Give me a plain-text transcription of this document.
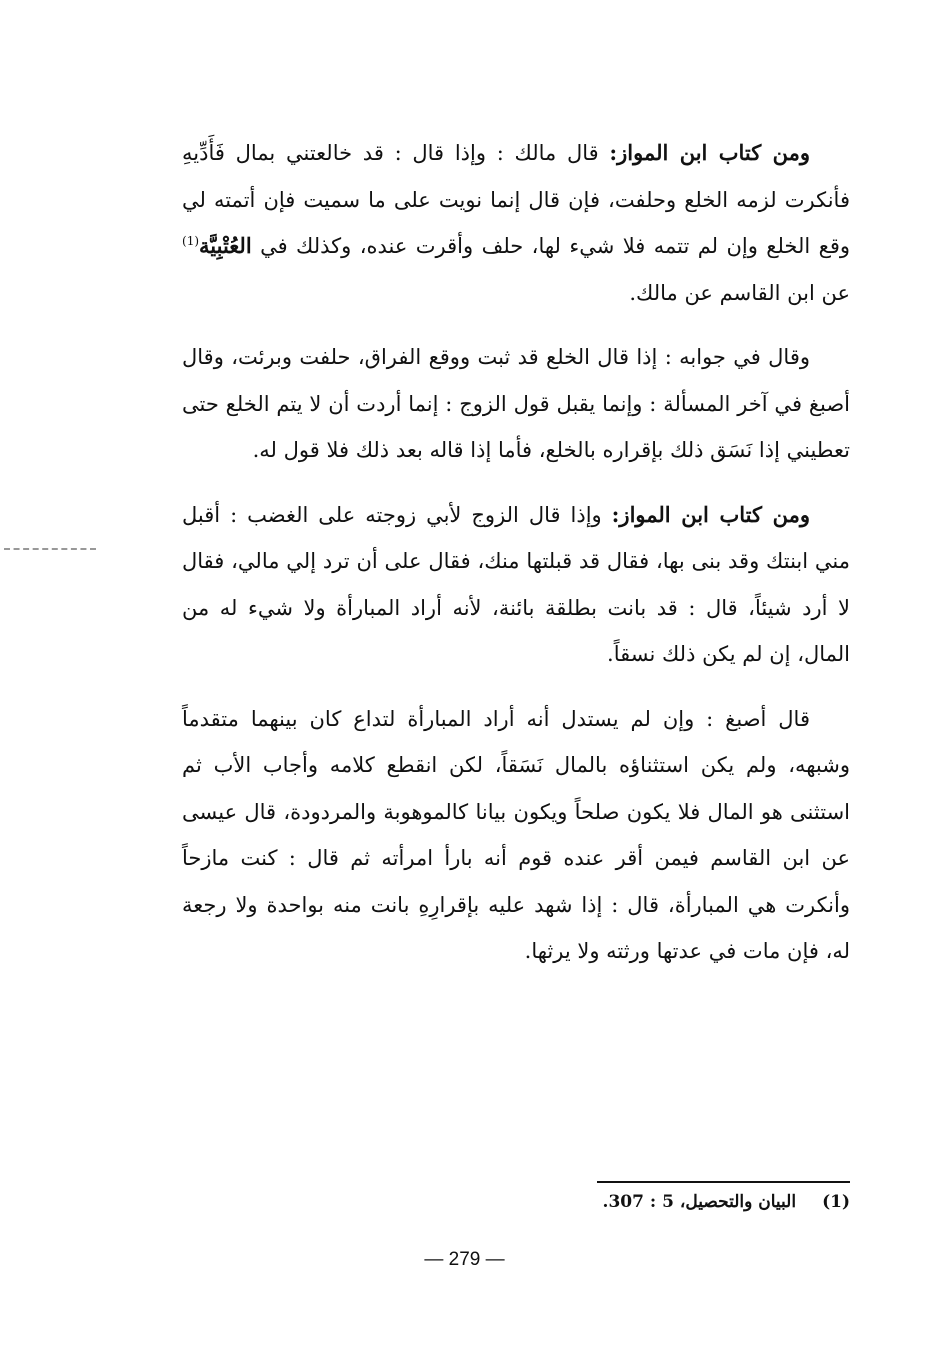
ومن كتاب ابن المواز: قال مالك : وإذا قال : قد خالعتني بمال فَأَدِّيهِ فأنكرت لزمه الخلع وحلفت، فإن قال إنما نويت على ما سميت فإن أتمته لي وقع الخلع وإن لم تتمه فلا شيء لها، حلف وأقرت عنده، وكذلك في العُتْبِيَّة$^{(1)}$ عن ابن القاسم عن مالك.

وقال في جوابه : إذا قال الخلع قد ثبت ووقع الفراق، حلفت وبرئت، وقال أصبغ في آخر المسألة : وإنما يقبل قول الزوج : إنما أردت أن لا يتم الخلع حتى تعطيني إذا نَسَق ذلك بإقراره بالخلع، فأما إذا قاله بعد ذلك فلا قول له.

ومن كتاب ابن المواز: وإذا قال الزوج لأبي زوجته على الغضب : أقبل مني ابنتك وقد بنى بها، فقال قد قبلتها منك، فقال على أن ترد إلي مالي، فقال لا أرد شيئاً، قال : قد بانت بطلقة بائنة، لأنه أراد المبارأة ولا شيء له من المال، إن لم يكن ذلك نسقاً.

قال أصبغ : وإن لم يستدل أنه أراد المبارأة لتداع كان بينهما متقدماً وشبهه، ولم يكن استثناؤه بالمال نَسَقاً، لكن انقطع كلامه وأجاب الأب ثم استثنى هو المال فلا يكون صلحاً ويكون بيانا كالموهوبة والمردودة، قال عيسى عن ابن القاسم فيمن أقر عنده قوم أنه بارأ امرأته ثم قال : كنت مازحاً وأنكرت هي المبارأة، قال : إذا شهد عليه بإقرارِهِ بانت منه بواحدة ولا رجعة له، فإن مات في عدتها ورثته ولا يرثها.

(1)البيان والتحصيل، 5 : 307.
— 279 —
